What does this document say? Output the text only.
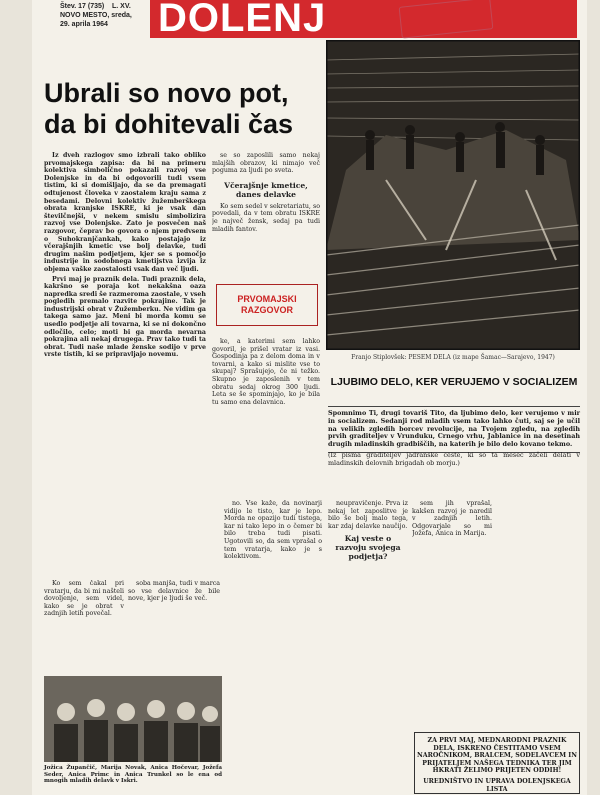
Štev. 17 (735) L. XV.
NOVO MESTO, sreda,
29. aprila 1964	DOLENJ
Ubrali so novo pot,
da bi dohitevali čas

Iz dveh razlogov smo izbrali tako obliko prvomajskega zapisa: da bi na primeru kolektiva simbolično pokazali razvoj vse Dolenjske in da bi odgovorili tudi vsem tistim, ki si domišljajo, da se da premagati odtujenost človeka v zaostalem kraju sama z besedami. Delovni kolektiv žužemberškega obrata kranjske ISKRE, ki je vsak dan številčnejši, v nekem smislu simbolizira razvoj vse Dolenjske. Zato je posvečen naš razgovor, čeprav bo govora o njem predvsem o Suhokranjčankah, kako postajajo iz včerajšnjih kmetic vse bolj delavke, tudi drugim našim podjetjem, kjer se s pomočjo industrije in sodobnega kmetijstva izvija iz objema vaške zaostalosti vsak dan več ljudi.

Prvi maj je praznik dela. Tudi praznik dela, kakršno se poraja kot nekakšna oaza napredka sredi še razmeroma zaostale, v vseh pogledih premalo razvite pokrajine. Tak je industrijski obrat v Žužemberku. Ne vidim ga takega samo jaz. Meni bi morda komu se usedlo podjetje ali tovarna, ki se ni dokončno odločilo, celo; moti bi ga morda nevarna pokrajina ali nekaj drugega. Prav tako tudi ta obrat. Tudi naše mlade ženske sodijo v prve vrste tistih, ki se pripravljajo novemu.

se so zaposlili samo nekaj mlajših obrazov, ki nimajo več poguma za ljudi po sveta.

Včerajšnje kmetice, danes delavke

Ko sem sedel v sekretariatu, so povedali, da v tem obratu ISKRE je največ žensk, sedaj pa tudi mladih fantov.

PRVOMAJSKI RAZGOVOR

ke, a katerimi sem lahko govoril, je prišel vratar iz vasi. Gospodinja pa z delom doma in v tovarni, a kako si mislite vse to skupaj? Sprašujejo, če ni težko. Skupno je zaposlenih v tem obratu sedaj okrog 300 ljudi. Leta se še spominjajo, ko je bila tu samo ena delavnica.

Franjo Stiplovšek: PESEM DELA (iz mape Šamac—Sarajevo, 1947)
LJUBIMO DELO, KER VERUJEMO V SOCIALIZEM
Spomnimo Ti, drugi tovariš Tito, da ljubimo delo, ker verujemo v mir in socializem. Sedanji rod mladih vsem tako lahko čuti, saj se je učil na velikih zgledih borcev revolucije, na Tvojem zgledu, na zgledih prvih graditeljev v Vrunduku, Crnego vrhu, Jablanice in na desetinah drugih mladinskih gradbiščih, na katerih je bilo delo kovano tekmo.
(Iz pisma graditeljev jadranske ceste, ki so ta mesec začeli delati v mladinskih delovnih brigadah ob morju.)

Ko sem čakal pri vratarju, da bi mi našteli dovoljenje, sem videl, kako se je obrat v zadnjih letih povečal.

soba manjša, tudi v marca so vse delavnice že bile nove, kjer je ljudi še več.

no. Vse kaže, da novinarji vidijo le tisto, kar je lepo. Morda ne opazijo tudi tistega, kar ni tako lepo in o čemer bi bilo treba tudi pisati. Ugotovili so, da sem vprašal o tem vratarja, kako je s kolektivom.

neupravičenje. Prva iz nekaj let zaposlitve je bilo še bolj malo tega, kar zdaj delavke naučijo.

Kaj veste o razvoju svojega podjetja?

sem jih vprašal, kakšen razvoj je naredil v zadnjih letih. Odgovarjale so mi Jožefa, Anica in Marija.

Jožica Župančič, Marija Novak, Anica Hočevar, Jožefa Seder, Anica Primc in Anica Trunkel so le ena od mnogih mladih delavk v Iskri.
ZA PRVI MAJ, MEDNARODNI PRAZNIK DELA, ISKRENO ČESTITAMO VSEM NAROČNIKOM, BRALCEM, SODELAVCEM IN PRIJATELJEM NAŠEGA TEDNIKA TER JIM HKRATI ŽELIMO PRIJETEN ODDIH!
UREDNIŠTVO IN UPRAVA DOLENJSKEGA LISTA
